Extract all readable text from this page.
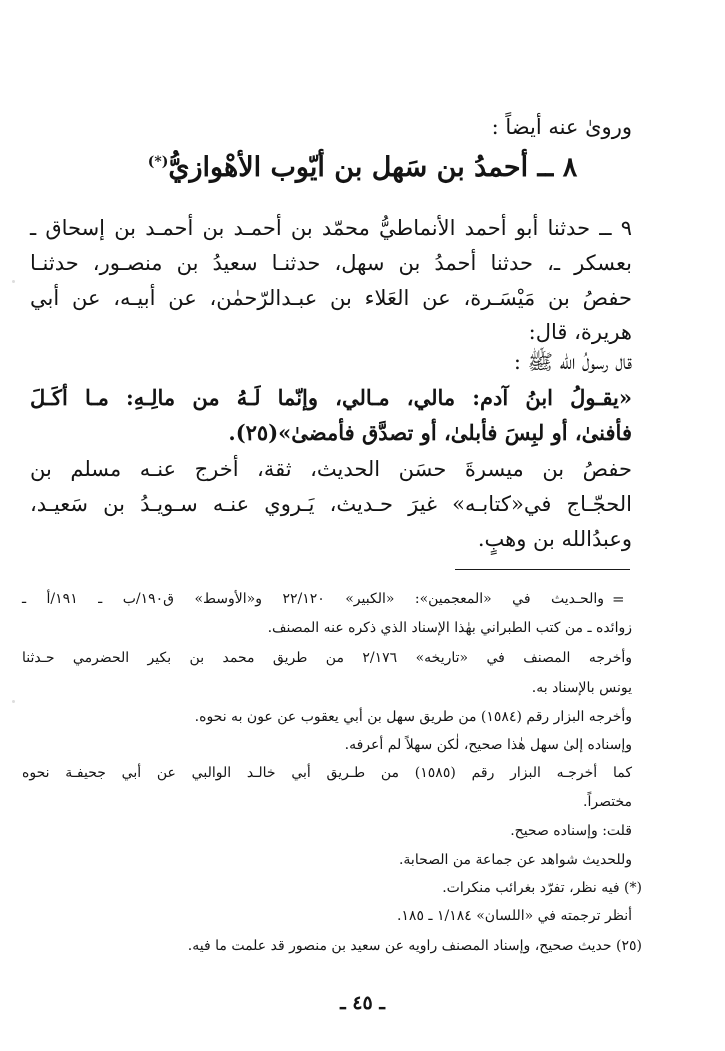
وروىٰ عنه أيضاً :
٨ ــ أحمدُ بن سَهل بن أيّوب الأهْوازيُّ(*)
٩ ــ حدثنا أبو أحمد الأنماطيُّ محمّد بن أحمـد بن أحمـد بن إسحاق ـ
بعسكر ـ، حدثنا أحمدُ بن سهل، حدثنـا سعيدُ بن منصـور، حدثنـا
حفصُ بن مَيْسَـرة، عن العَلاء بن عبـدالرّحمٰن، عن أبيـه، عن أبي
هريرة، قال:
قال رسولُ الله ﷺ :
«يقـولُ ابنُ آدم: مالي، مـالي، وإنّما لَـهُ من مالِـهِ: مـا أكَـلَ
فأفنىٰ، أو لبِسَ فأبلىٰ، أو تصدَّق فأمضىٰ»(٢٥).
حفصُ بن ميسرةَ حسَن الحديث، ثقة، أخرج عنـه مسلم بن
الحجّـاج في«كتابـه» غيرَ حـديث، يَـروي عنـه سـويـدُ بن سَعيـد،
وعبدُالله بن وهبٍ.
=
والحـديث في «المعجمين»: «الكبير» ٢٢/١٢٠ و«الأوسط» ق١٩٠/ب ـ ١٩١/أ ـ
زوائده ـ من كتب الطبراني بهٰذا الإسناد الذي ذكره عنه المصنف.
وأخرجه المصنف في «تاريخه» ٢/١٧٦ من طريق محمد بن بكير الحضرمي حـدثنا
يونس بالإسناد به.
وأخرجه البزار رقم (١٥٨٤) من طريق سهل بن أبي يعقوب عن عون به نحوه.
وإسناده إلىٰ سهل هٰذا صحيح، لٰكن سهلاً لم أعرفه.
كما أخرجـه البزار رقم (١٥٨٥) من طـريق أبي خالـد الوالبي عن أبي جحيفـة نحوه
مختصراً.
قلت: وإسناده صحيح.
وللحديث شواهد عن جماعة من الصحابة.
(*) فيه نظر، تفرّد بغرائب منكرات.
أنظر ترجمته في «اللسان» ١/١٨٤ ـ ١٨٥.
(٢٥) حديث صحيح، وإسناد المصنف راويه عن سعيد بن منصور قد علمت ما فيه.
ـ ٤٥ ـ
